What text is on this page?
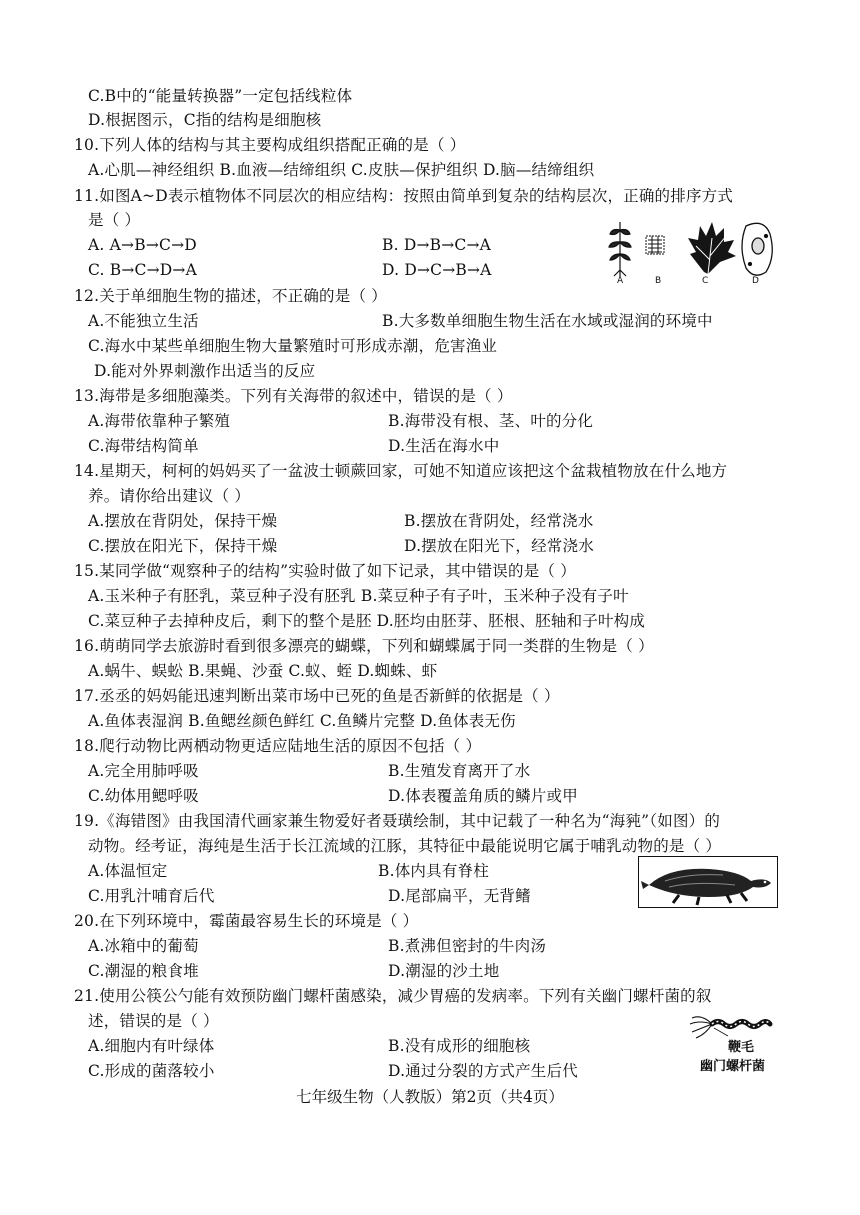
C.B中的“能量转换器”一定包括线粒体
D.根据图示，C指的结构是细胞核
10.下列人体的结构与其主要构成组织搭配正确的是（ ）
A.心肌—神经组织 B.血液—结缔组织 C.皮肤—保护组织 D.脑—结缔组织
11.如图A~D表示植物体不同层次的相应结构：按照由简单到复杂的结构层次，正确的排序方式
是（ ）
A. A→B→C→D	B. D→B→C→A
C. B→C→D→A	D. D→C→B→A
12.关于单细胞生物的描述，不正确的是（ ）
A.不能独立生活	B.大多数单细胞生物生活在水域或湿润的环境中
C.海水中某些单细胞生物大量繁殖时可形成赤潮，危害渔业
D.能对外界刺激作出适当的反应
13.海带是多细胞藻类。下列有关海带的叙述中，错误的是（ ）
A.海带依靠种子繁殖	B.海带没有根、茎、叶的分化
C.海带结构简单	D.生活在海水中
14.星期天，柯柯的妈妈买了一盆波士顿蕨回家，可她不知道应该把这个盆栽植物放在什么地方
养。请你给出建议（ ）
A.摆放在背阴处，保持干燥	B.摆放在背阴处，经常浇水
C.摆放在阳光下，保持干燥	D.摆放在阳光下，经常浇水
15.某同学做“观察种子的结构”实验时做了如下记录，其中错误的是（ ）
A.玉米种子有胚乳，菜豆种子没有胚乳 B.菜豆种子有子叶，玉米种子没有子叶
C.菜豆种子去掉种皮后，剩下的整个是胚 D.胚均由胚芽、胚根、胚轴和子叶构成
16.萌萌同学去旅游时看到很多漂亮的蝴蝶，下列和蝴蝶属于同一类群的生物是（ ）
A.蜗牛、蜈蚣 B.果蝇、沙蚕 C.蚁、蛭 D.蜘蛛、虾
17.丞丞的妈妈能迅速判断出菜市场中已死的鱼是否新鲜的依据是（ ）
A.鱼体表湿润 B.鱼鳃丝颜色鲜红 C.鱼鳞片完整 D.鱼体表无伤
18.爬行动物比两栖动物更适应陆地生活的原因不包括（ ）
A.完全用肺呼吸	B.生殖发育离开了水
C.幼体用鳃呼吸	D.体表覆盖角质的鳞片或甲
19.《海错图》由我国清代画家兼生物爱好者聂璜绘制，其中记载了一种名为“海豘”（如图）的
动物。经考证，海纯是生活于长江流域的江豚，其特征中最能说明它属于哺乳动物的是（ ）
A.体温恒定	B.体内具有脊柱
C.用乳汁哺育后代	D.尾部扁平，无背鳍
20.在下列环境中，霉菌最容易生长的环境是（ ）
A.冰箱中的葡萄	B.煮沸但密封的牛肉汤
C.潮湿的粮食堆	D.潮湿的沙土地
21.使用公筷公勺能有效预防幽门螺杆菌感染，减少胃癌的发病率。下列有关幽门螺杆菌的叙
述，错误的是（ ）
A.细胞内有叶绿体	B.没有成形的细胞核
C.形成的菌落较小	D.通过分裂的方式产生后代
A	B	C	D
鞭毛
幽门螺杆菌
七年级生物（人教版）第2页（共4页）
